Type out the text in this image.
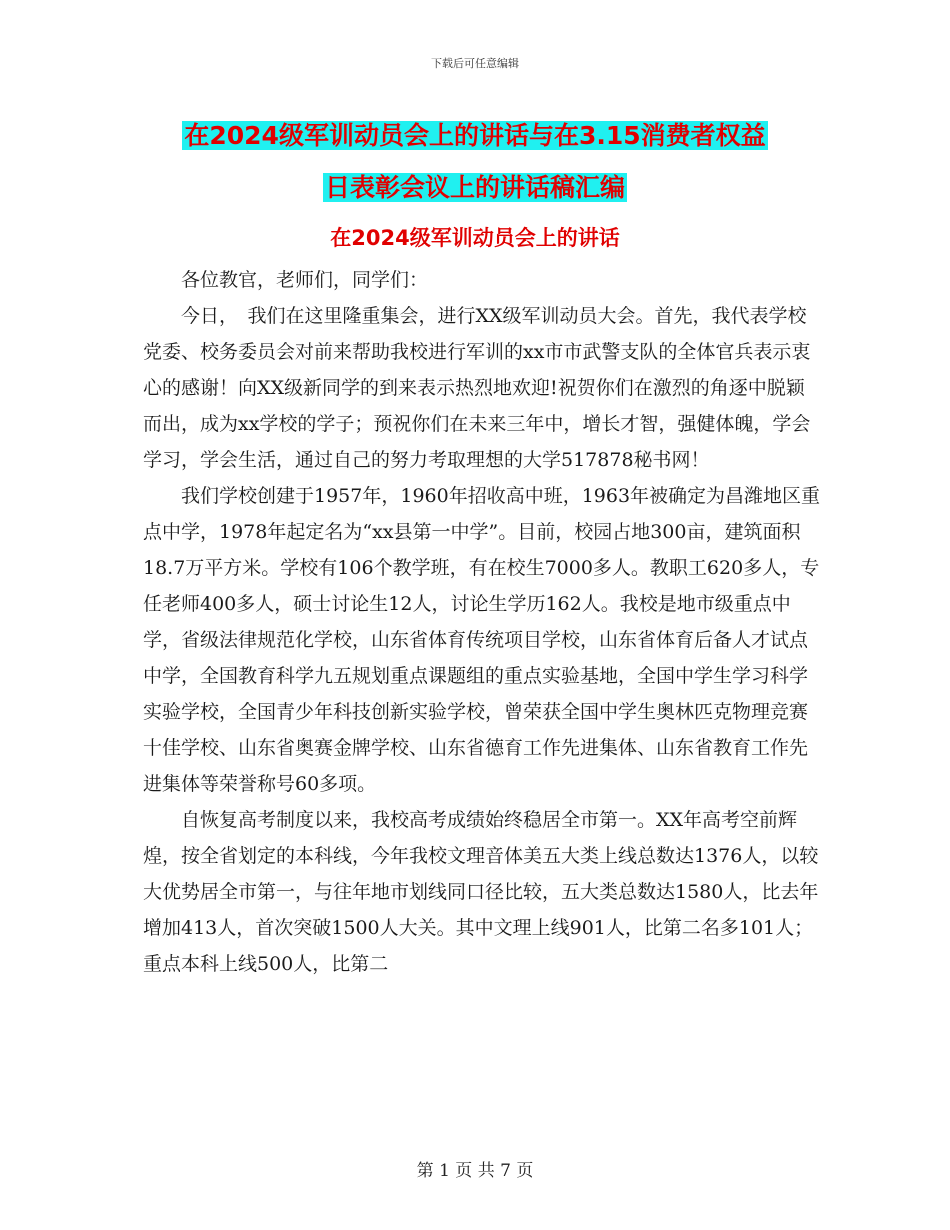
下载后可任意编辑
在2024级军训动员会上的讲话与在3.15消费者权益
日表彰会议上的讲话稿汇编
在2024级军训动员会上的讲话

各位教官，老师们，同学们：

今日，　我们在这里隆重集会，进行XX级军训动员大会。首先，我代表学校党委、校务委员会对前来帮助我校进行军训的xx市市武警支队的全体官兵表示衷心的感谢！向XX级新同学的到来表示热烈地欢迎!祝贺你们在激烈的角逐中脱颖而出，成为xx学校的学子；预祝你们在未来三年中，增长才智，强健体魄，学会学习，学会生活，通过自己的努力考取理想的大学517878秘书网！

我们学校创建于1957年，1960年招收高中班，1963年被确定为昌潍地区重点中学，1978年起定名为“xx县第一中学”。目前，校园占地300亩，建筑面积18.7万平方米。学校有106个教学班，有在校生7000多人。教职工620多人，专任老师400多人，硕士讨论生12人，讨论生学历162人。我校是地市级重点中学，省级法律规范化学校，山东省体育传统项目学校，山东省体育后备人才试点中学，全国教育科学九五规划重点课题组的重点实验基地，全国中学生学习科学实验学校，全国青少年科技创新实验学校，曾荣获全国中学生奥林匹克物理竞赛十佳学校、山东省奥赛金牌学校、山东省德育工作先进集体、山东省教育工作先进集体等荣誉称号60多项。

自恢复高考制度以来，我校高考成绩始终稳居全市第一。XX年高考空前辉煌，按全省划定的本科线，今年我校文理音体美五大类上线总数达1376人，以较大优势居全市第一，与往年地市划线同口径比较，五大类总数达1580人，比去年增加413人，首次突破1500人大关。其中文理上线901人，比第二名多101人；重点本科上线500人，比第二

第 1 页 共 7 页
